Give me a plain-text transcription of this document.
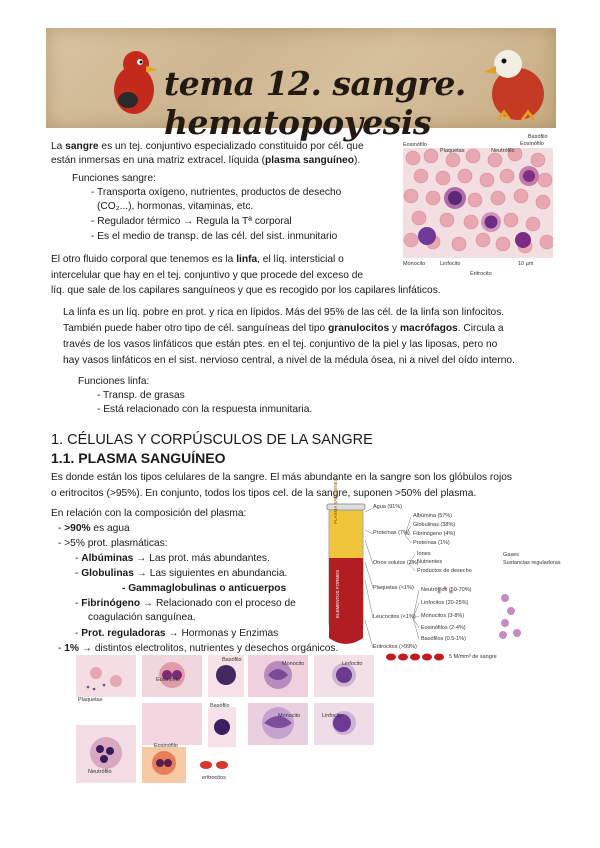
tema 12. sangre. hematopoyesis
La sangre es un tej. conjuntivo especializado constituido por cél. que
están inmersas en una matriz extracel. líquida (plasma sanguíneo).
Funciones sangre:
- Transporta oxígeno, nutrientes, productos de desecho
(CO₂...), hormonas, vitaminas, etc.
- Regulador térmico → Regula la Tª corporal
- Es el medio de transp. de las cél. del sist. inmunitario
El otro fluido corporal que tenemos es la linfa, el líq. intersticial o
intercelular que hay en el tej. conjuntivo y que procede del exceso de
líq. que sale de los capilares sanguíneos y que es recogido por los capilares linfáticos.
La linfa es un líq. pobre en prot. y rica en lípidos. Más del 95% de las cél. de la linfa son linfocitos.
También puede haber otro tipo de cél. sanguíneas del tipo granulocitos y macrófagos. Circula a
través de los vasos linfáticos que están ptes. en el tej. conjuntivo de la piel y las liposas, pero no
hay vasos linfáticos en el sist. nervioso central, a nivel de la médula ósea, ni a nivel del oído interno.
Funciones linfa:
- Transp. de grasas
- Está relacionado con la respuesta inmunitaria.
Eosinófilo
Plaquetas	Neutrófilo
Basófilo
Eosinófilo
Monocito	Linfocito
Eritrocito
10 µm
1. CÉLULAS Y CORPÚSCULOS DE LA SANGRE
1.1. PLASMA SANGUÍNEO
Es donde están los tipos celulares de la sangre. El más abundante en la sangre son los glóbulos rojos
o eritrocitos (>95%). En conjunto, todos los tipos cel. de la sangre, suponen >50% del plasma.
En relación con la composición del plasma:
- >90% es agua
- >5% prot. plasmáticas:
- Albúminas → Las prot. más abundantes.
- Globulinas → Las siguientes en abundancia.
- Gammaglobulinas o anticuerpos
- Fibrinógeno → Relacionado con el proceso de
coagulación sanguínea.
- Prot. reguladoras → Hormonas y Enzimas
- 1% → distintos electrolitos, nutrientes y desechos orgánicos.
Agua (91%)
Proteínas (7%)
Albúmina (57%)
Globulinas (38%)
Fibrinógeno (4%)
Proteínas (1%)
Otros solutos (2%)
Iones
Nutrientes
Productos de desecho
Gases
Sustancias reguladoras
Plaquetas (<1%)
Leucocitos (<1%)
Neutrófilos (50-70%)
Linfocitos (20-25%)
Monocitos (3-8%)
Eosinófilos (2-4%)
Basófilos (0.5-1%)
Eritrocitos (>99%)
5 M/mm³ de sangre
PLASMA SANGUÍNEO
ELEMENTOS FORMES
Plaquetas
Eosinófilo
Basófilo
Monocito	Linfocito
Basófilo
Monocito	Linfocito
Neutrófilo
Eosinófilo
eritrocitos
